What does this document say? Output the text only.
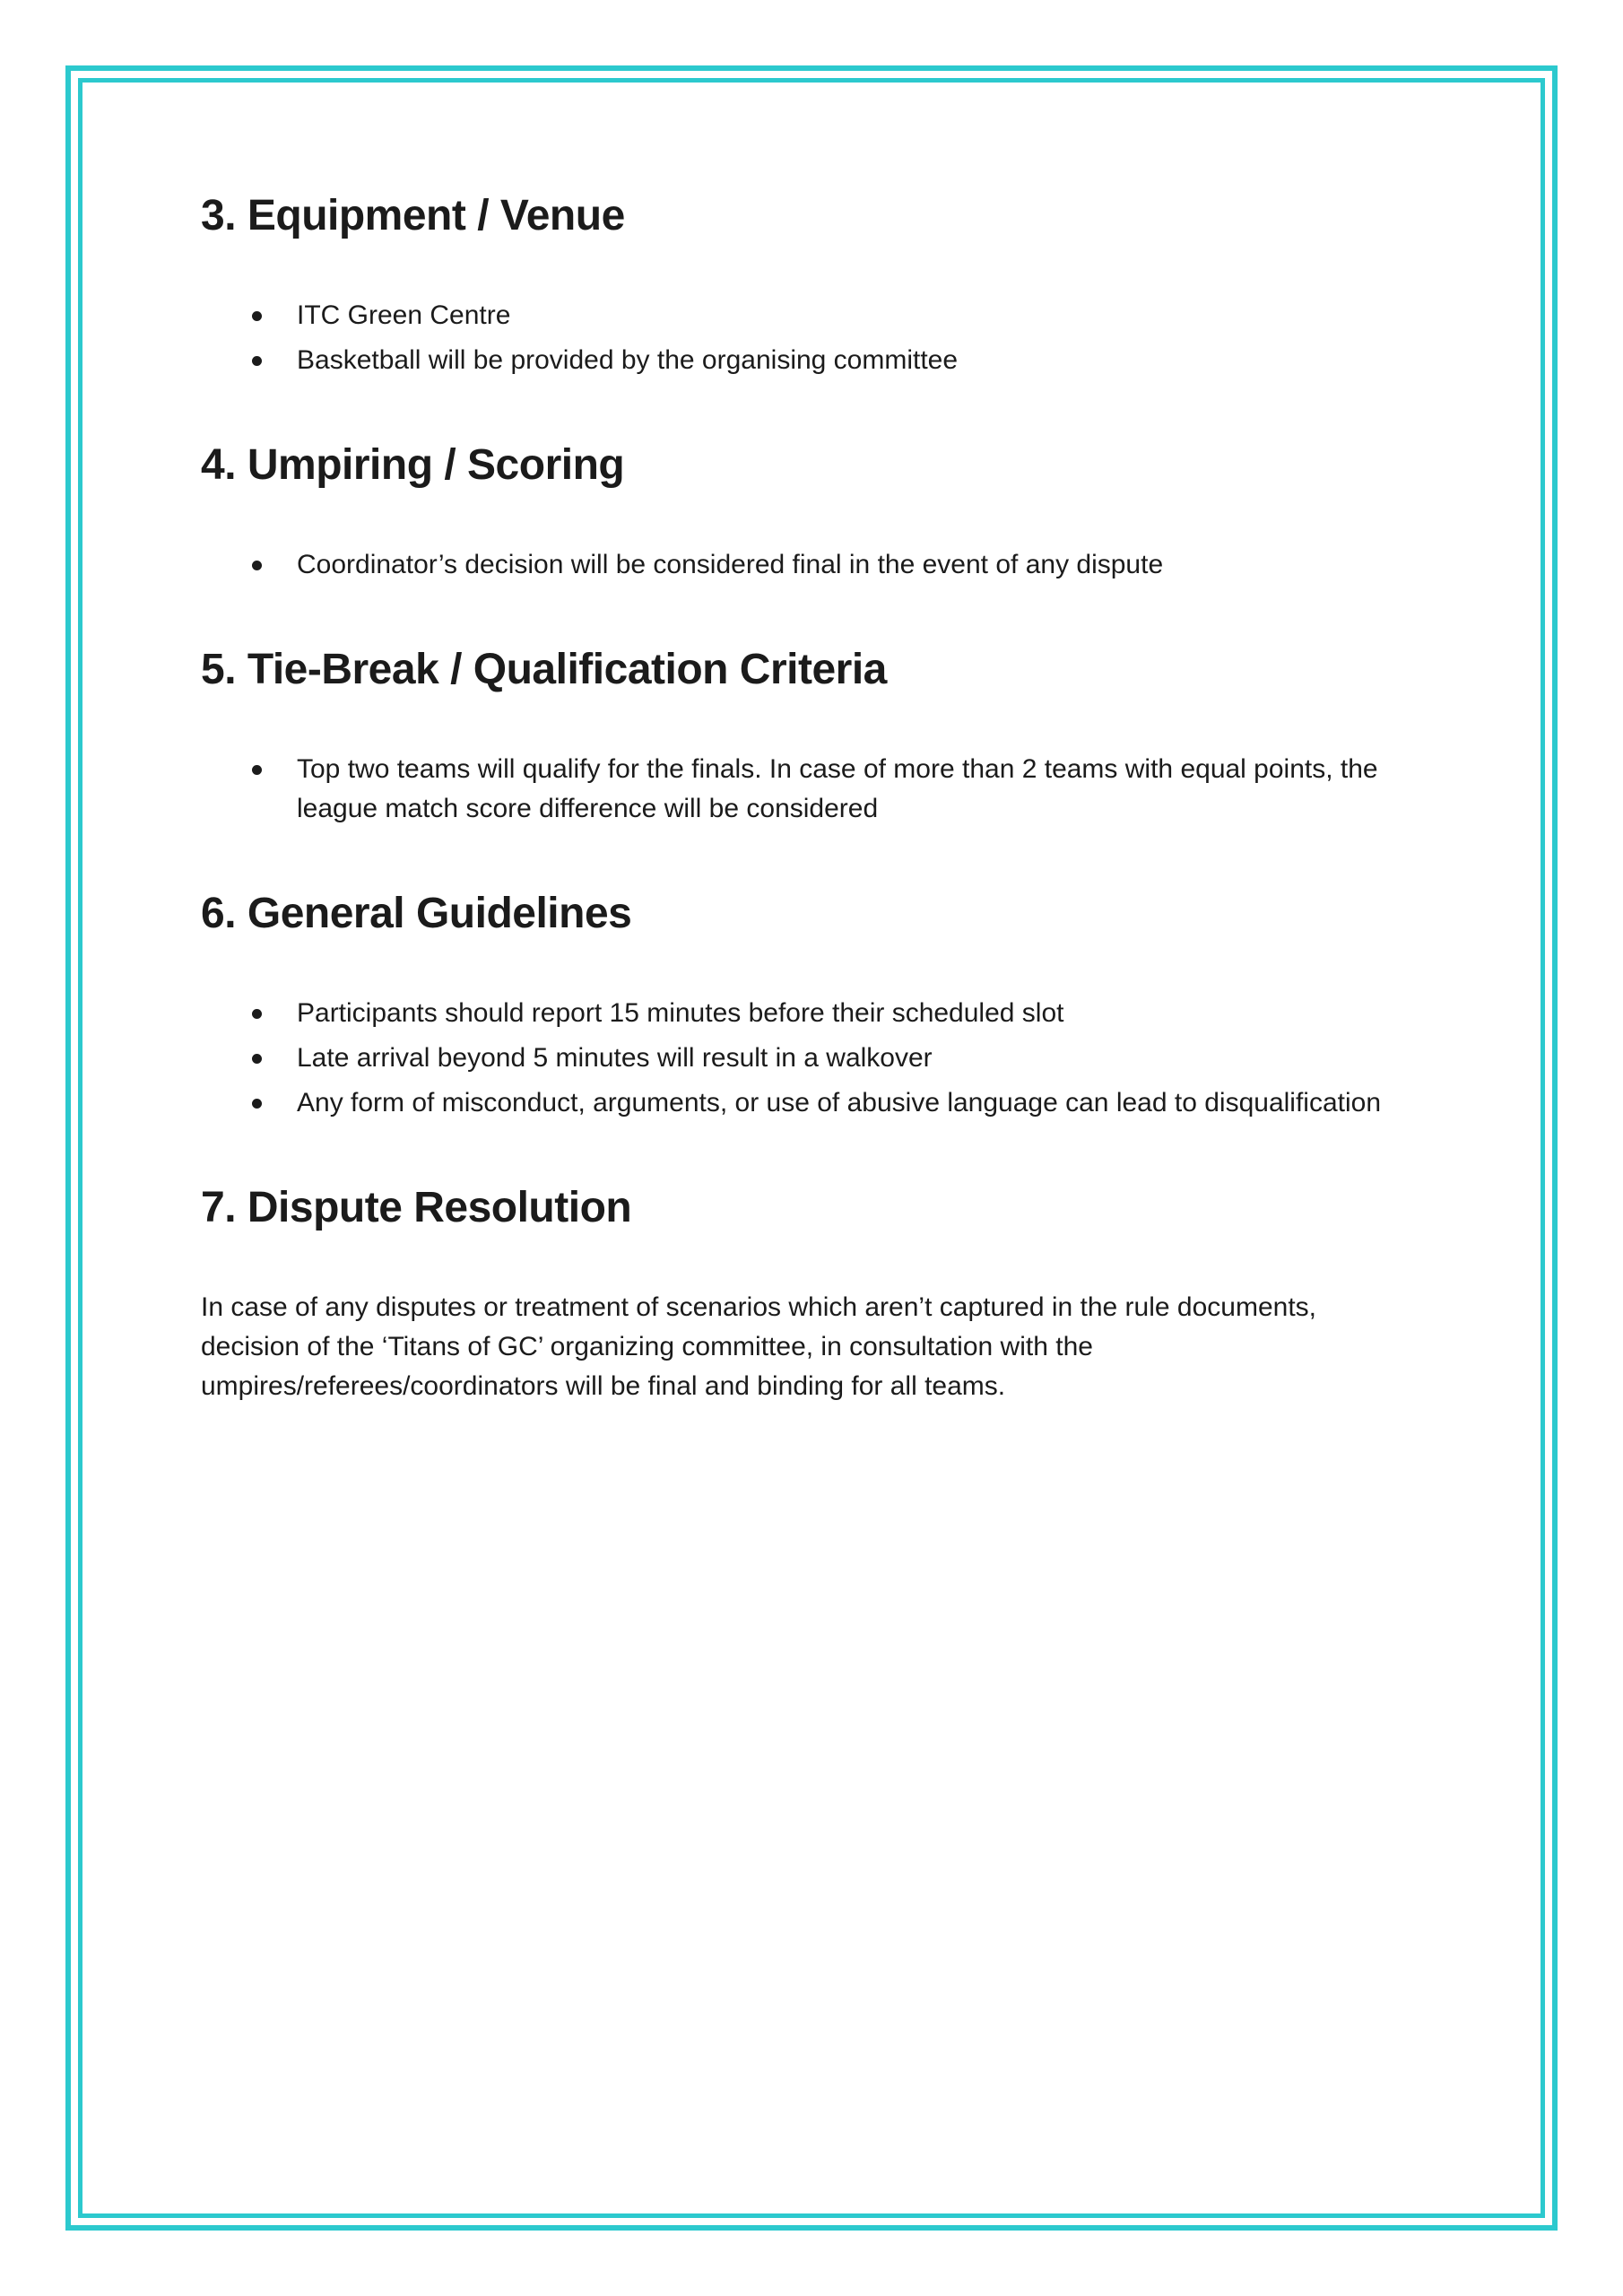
3. Equipment / Venue
ITC Green Centre
Basketball will be provided by the organising committee
4. Umpiring / Scoring
Coordinator’s decision will be considered final in the event of any dispute
5. Tie-Break / Qualification Criteria
Top two teams will qualify for the finals. In case of more than 2 teams with equal points, the league match score difference will be considered
6. General Guidelines
Participants should report 15 minutes before their scheduled slot
Late arrival beyond 5 minutes will result in a walkover
Any form of misconduct, arguments, or use of abusive language can lead to disqualification
7. Dispute Resolution

In case of any disputes or treatment of scenarios which aren’t captured in the rule documents, decision of the ‘Titans of GC’ organizing committee, in consultation with the umpires/referees/coordinators will be final and binding for all teams.
